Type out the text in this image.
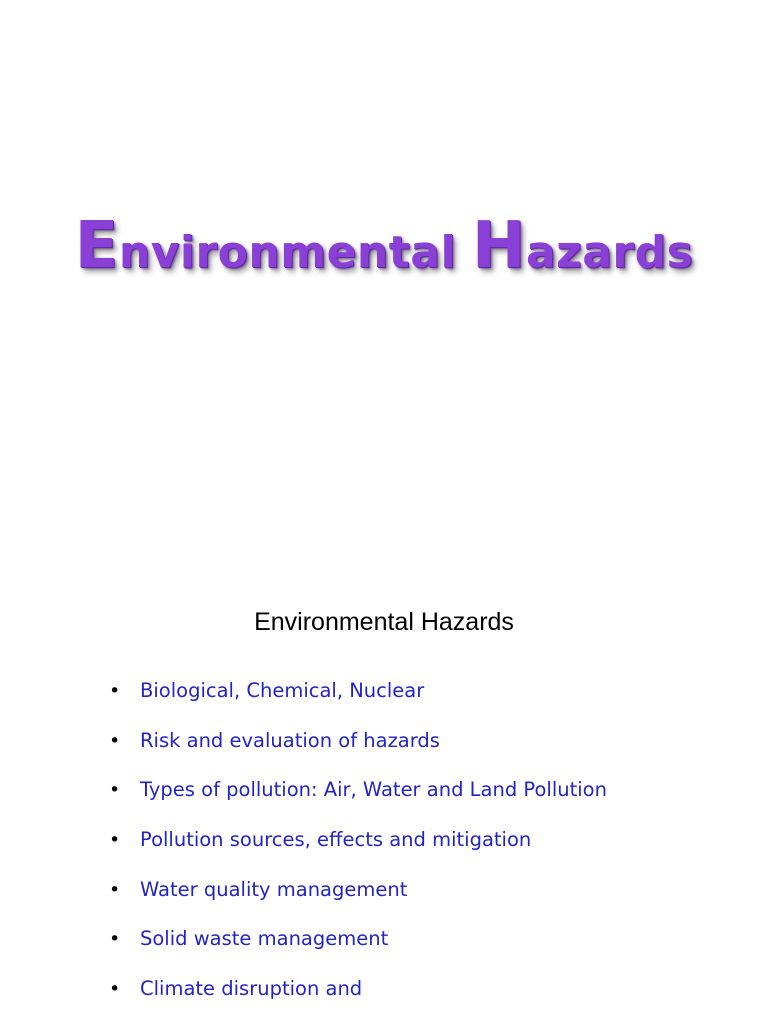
Environmental Hazards
Environmental Hazards
• Biological, Chemical, Nuclear
• Risk and evaluation of hazards
• Types of pollution: Air, Water and Land Pollution
• Pollution sources, effects and mitigation
• Water quality management
• Solid waste management
• Climate disruption and
